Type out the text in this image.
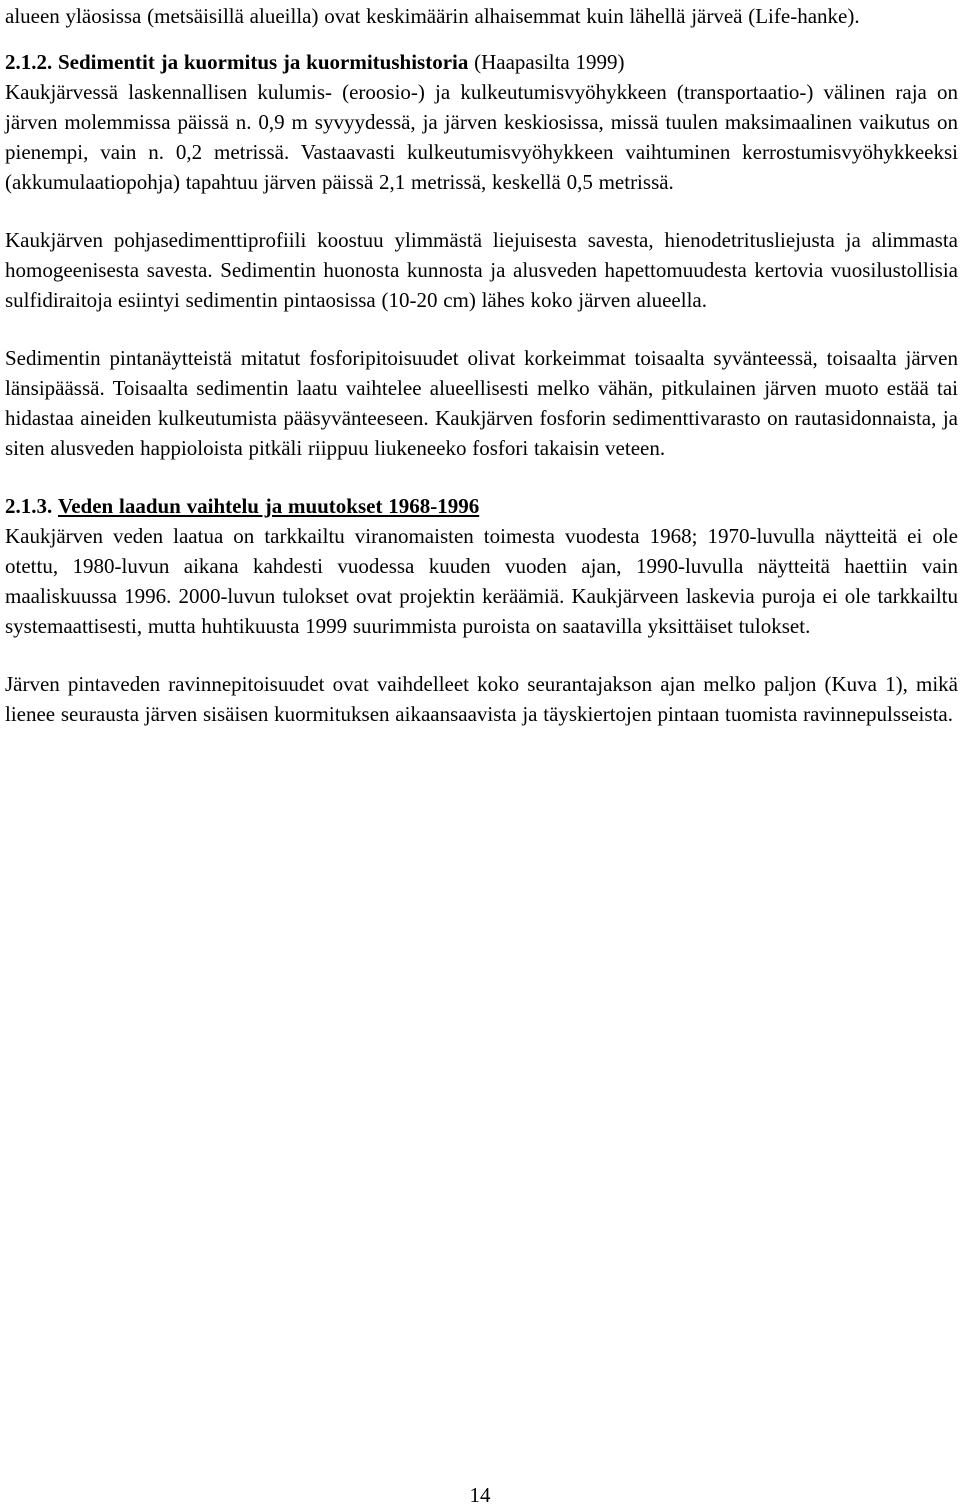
alueen yläosissa (metsäisillä alueilla) ovat keskimäärin alhaisemmat kuin lähellä järveä (Life-hanke).

2.1.2. Sedimentit ja kuormitus ja kuormitushistoria (Haapasilta 1999)

Kaukjärvessä laskennallisen kulumis- (eroosio-) ja kulkeutumisvyöhykkeen (transportaatio-) välinen raja on järven molemmissa päissä n. 0,9 m syvyydessä, ja järven keskiosissa, missä tuulen maksimaalinen vaikutus on pienempi, vain n. 0,2 metrissä. Vastaavasti kulkeutumisvyöhykkeen vaihtuminen kerrostumisvyöhykkeeksi (akkumulaatiopohja) tapahtuu järven päissä 2,1 metrissä, keskellä 0,5 metrissä.

Kaukjärven pohjasedimenttiprofiili koostuu ylimmästä liejuisesta savesta, hienodetritusliejusta ja alimmasta homogeenisesta savesta. Sedimentin huonosta kunnosta ja alusveden hapettomuudesta kertovia vuosilustollisia sulfidiraitoja esiintyi sedimentin pintaosissa (10-20 cm) lähes koko järven alueella.

Sedimentin pintanäytteistä mitatut fosforipitoisuudet olivat korkeimmat toisaalta syvänteessä, toisaalta järven länsipäässä. Toisaalta sedimentin laatu vaihtelee alueellisesti melko vähän, pitkulainen järven muoto estää tai hidastaa aineiden kulkeutumista pääsyvänteeseen. Kaukjärven fosforin sedimenttivarasto on rautasidonnaista, ja siten alusveden happioloista pitkäli riippuu liukeneeko fosfori takaisin veteen.

2.1.3. Veden laadun vaihtelu ja muutokset 1968-1996

Kaukjärven veden laatua on tarkkailtu viranomaisten toimesta vuodesta 1968; 1970-luvulla näytteitä ei ole otettu, 1980-luvun aikana kahdesti vuodessa kuuden vuoden ajan, 1990-luvulla näytteitä haettiin vain maaliskuussa 1996. 2000-luvun tulokset ovat projektin keräämiä. Kaukjärveen laskevia puroja ei ole tarkkailtu systemaattisesti, mutta huhtikuusta 1999 suurimmista puroista on saatavilla yksittäiset tulokset.

Järven pintaveden ravinnepitoisuudet ovat vaihdelleet koko seurantajakson ajan melko paljon (Kuva 1), mikä lienee seurausta järven sisäisen kuormituksen aikaansaavista ja täyskiertojen pintaan tuomista ravinnepulsseista.

14
